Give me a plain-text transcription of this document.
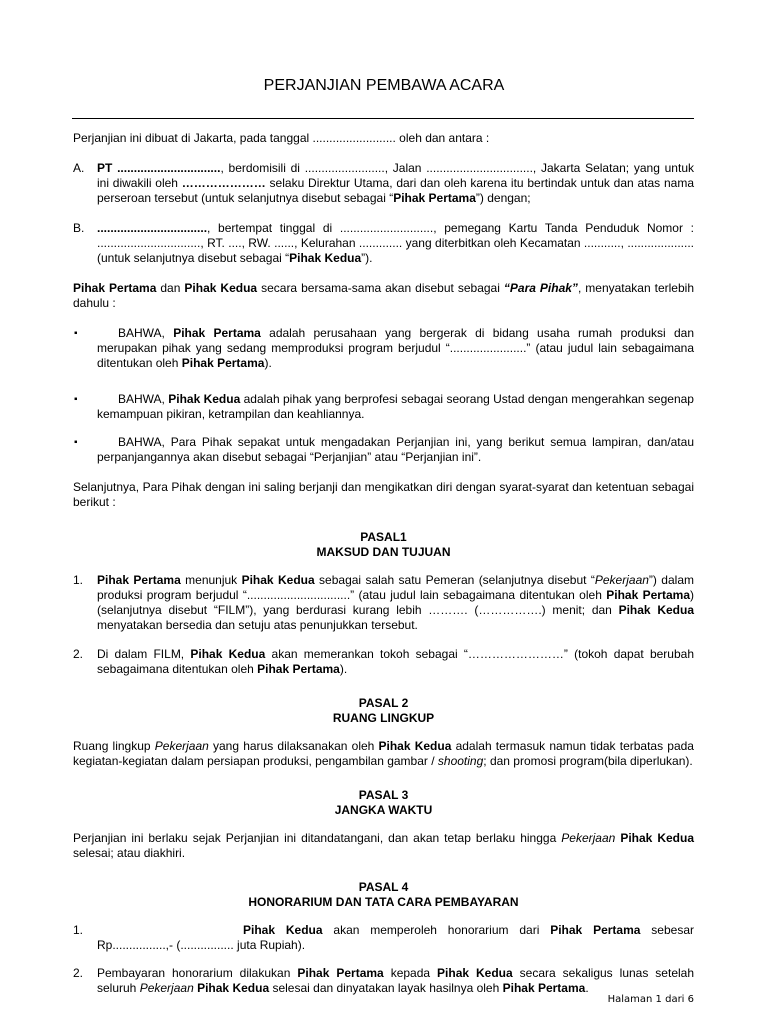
PERJANJIAN PEMBAWA ACARA

Perjanjian ini dibuat di Jakarta, pada tanggal ......................... oleh dan antara :

A. PT ..............................., berdomisili di ........................, Jalan ................................, Jakarta Selatan; yang untuk ini diwakili oleh ………………… selaku Direktur Utama, dari dan oleh karena itu bertindak untuk dan atas nama perseroan tersebut (untuk selanjutnya disebut sebagai “Pihak Pertama”) dengan;

B. ................................., bertempat tinggal di ............................, pemegang Kartu Tanda Penduduk Nomor : ..............................., RT. ...., RW. ......, Kelurahan ............. yang diterbitkan oleh Kecamatan ..........., .................... (untuk selanjutnya disebut sebagai “Pihak Kedua”).

Pihak Pertama dan Pihak Kedua secara bersama-sama akan disebut sebagai “Para Pihak”, menyatakan terlebih dahulu :

▪	BAHWA, Pihak Pertama adalah perusahaan yang bergerak di bidang usaha rumah produksi dan merupakan pihak yang sedang memproduksi program berjudul “.......................” (atau judul lain sebagaimana ditentukan oleh Pihak Pertama).

▪	BAHWA, Pihak Kedua adalah pihak yang berprofesi sebagai seorang Ustad dengan mengerahkan segenap kemampuan pikiran, ketrampilan dan keahliannya.

▪	BAHWA, Para Pihak sepakat untuk mengadakan Perjanjian ini, yang berikut semua lampiran, dan/atau perpanjangannya akan disebut sebagai “Perjanjian” atau “Perjanjian ini”.

Selanjutnya, Para Pihak dengan ini saling berjanji dan mengikatkan diri dengan syarat-syarat dan ketentuan sebagai berikut :

PASAL1

MAKSUD DAN TUJUAN

1. Pihak Pertama menunjuk Pihak Kedua sebagai salah satu Pemeran (selanjutnya disebut “Pekerjaan”) dalam produksi program berjudul “...............................” (atau judul lain sebagaimana ditentukan oleh Pihak Pertama) (selanjutnya disebut “FILM”), yang berdurasi kurang lebih ………. (…………….) menit; dan Pihak Kedua menyatakan bersedia dan setuju atas penunjukkan tersebut.

2. Di dalam FILM, Pihak Kedua akan memerankan tokoh sebagai “……………………” (tokoh dapat berubah sebagaimana ditentukan oleh Pihak Pertama).

PASAL 2

RUANG LINGKUP

Ruang lingkup Pekerjaan yang harus dilaksanakan oleh Pihak Kedua adalah termasuk namun tidak terbatas pada kegiatan-kegiatan dalam persiapan produksi, pengambilan gambar / shooting; dan promosi program(bila diperlukan).

PASAL 3

JANGKA WAKTU

Perjanjian ini berlaku sejak Perjanjian ini ditandatangani, dan akan tetap berlaku hingga Pekerjaan Pihak Kedua selesai; atau diakhiri.

PASAL 4

HONORARIUM DAN TATA CARA PEMBAYARAN

1.	Pihak Kedua akan memperoleh honorarium dari Pihak Pertama sebesar Rp................,- (................ juta Rupiah).

2. Pembayaran honorarium dilakukan Pihak Pertama kepada Pihak Kedua secara sekaligus lunas setelah seluruh Pekerjaan Pihak Kedua selesai dan dinyatakan layak hasilnya oleh Pihak Pertama.

Halaman 1 dari 6
